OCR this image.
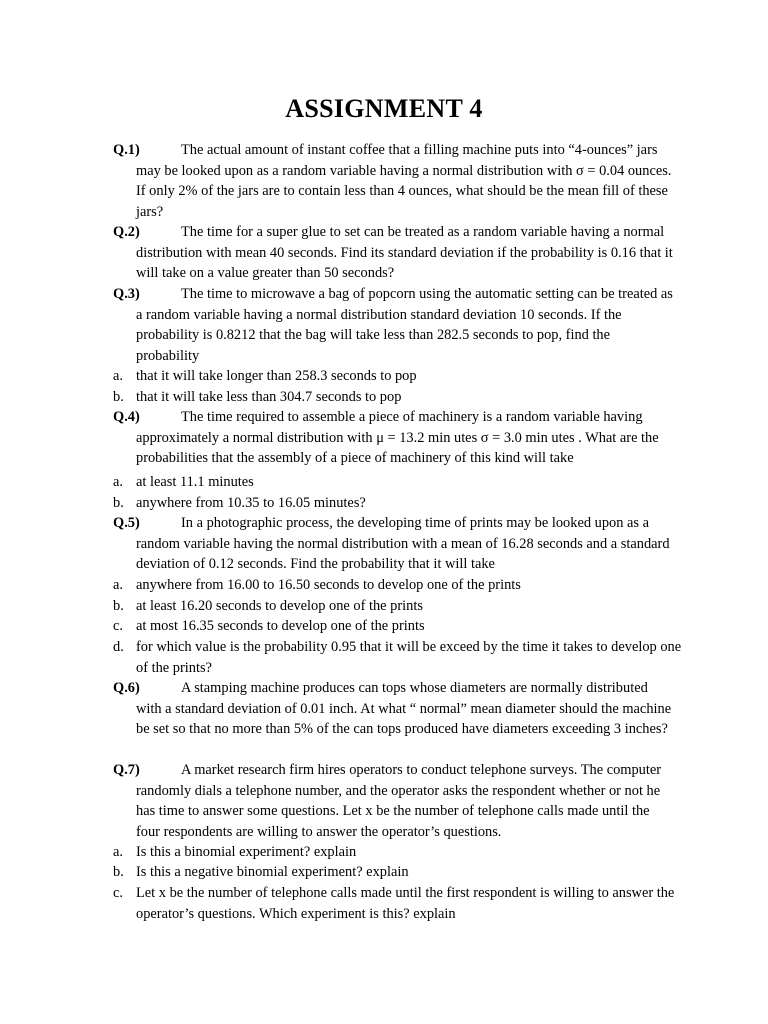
ASSIGNMENT 4
Q.1)	The actual amount of instant coffee that a filling machine puts into “4-ounces” jars may be looked upon as a random variable having a normal distribution with σ = 0.04 ounces. If only 2% of the jars are to contain less than 4 ounces, what should be the mean fill of these jars?
Q.2)	The time for a super glue to set can be treated as a random variable having a normal distribution with mean 40 seconds. Find its standard deviation if the probability is 0.16 that it will take on a value greater than 50 seconds?
Q.3)	The time to microwave a bag of popcorn using the automatic setting can be treated as a random variable having a normal distribution standard deviation 10 seconds. If the probability is 0.8212 that the bag will take less than 282.5 seconds to pop, find the probability
a. that it will take longer than 258.3 seconds to pop
b. that it will take less than 304.7 seconds to pop
Q.4)	The time required to assemble a piece of machinery is a random variable having approximately a normal distribution with μ = 13.2 min utes σ = 3.0 min utes . What are the probabilities that the assembly of a piece of machinery of this kind will take
a. at least 11.1 minutes
b. anywhere from 10.35 to 16.05 minutes?
Q.5)	In a photographic process, the developing time of prints may be looked upon as a random variable having the normal distribution with a mean of 16.28 seconds and a standard deviation of 0.12 seconds. Find the probability that it will take
a. anywhere from 16.00 to 16.50 seconds to develop one of the prints
b. at least 16.20 seconds to develop one of the prints
c. at most 16.35 seconds to develop one of the prints
d. for which value is the probability 0.95 that it will be exceed by the time it takes to develop one of the prints?
Q.6)	A stamping machine produces can tops whose diameters are normally distributed with a standard deviation of 0.01 inch. At what “ normal” mean diameter should the machine be set so that no more than 5% of the can tops produced have diameters exceeding 3 inches?
Q.7)	A market research firm hires operators to conduct telephone surveys. The computer randomly dials a telephone number, and the operator asks the respondent whether or not he has time to answer some questions. Let x be the number of telephone calls made until the four respondents are willing to answer the operator’s questions.
a. Is this a binomial experiment? explain
b. Is this a negative binomial experiment? explain
c. Let x be the number of telephone calls made until the first respondent is willing to answer the operator’s questions. Which experiment is this? explain
